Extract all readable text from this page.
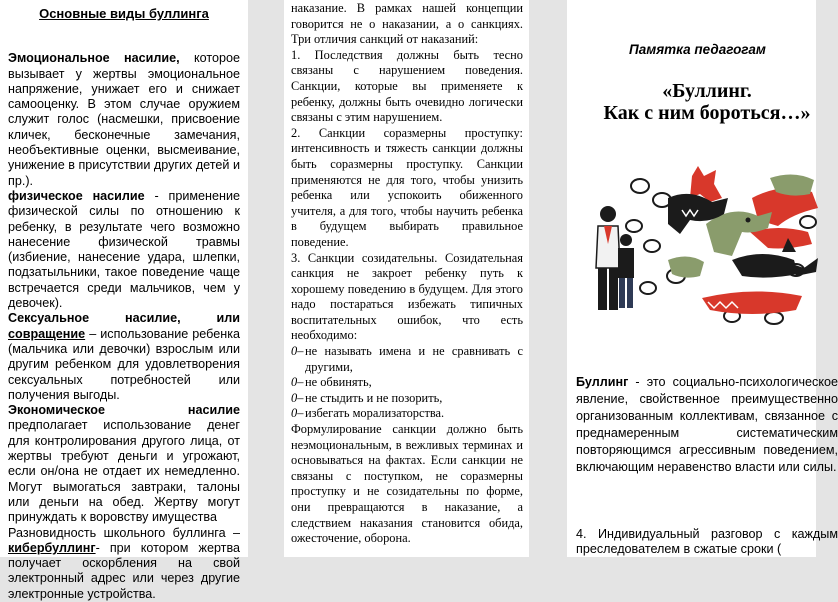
Основные виды буллинга

Эмоциональное насилие, которое вызывает у жертвы эмоциональное напряжение, унижает его и снижает самооценку. В этом случае оружием служит голос (насмешки, присвоение кличек, бесконечные замечания, необъективные оценки, высмеивание, унижение в присутствии других детей и пр.).

физическое насилие - применение физической силы по отношению к ребенку, в результате чего возможно нанесение физической травмы (избиение, нанесение удара, шлепки, подзатыльники, такое поведение чаще встречается среди мальчиков, чем у девочек).

Сексуальное насилие, или совращение – использование ребенка (мальчика или девочки) взрослым или другим ребенком для удовлетворения сексуальных потребностей или получения выгоды.

Экономическое насилие предполагает использование денег для контролирования другого лица, от жертвы требуют деньги и угрожают, если он/она не отдает их немедленно. Могут вымогаться завтраки, талоны или деньги на обед. Жертву могут принуждать к воровству имущества

Разновидность школьного буллинга – кибербуллинг- при котором жертва получает оскорбления на свой электронный адрес или через другие электронные устройства.

наказание. В рамках нашей концепции говорится не о наказании, а о санкциях. Три отличия санкций от наказаний:

1. Последствия должны быть тесно связаны с нарушением поведения. Санкции, которые вы применяете к ребенку, должны быть очевидно логически связаны с этим нарушением.

2. Санкции соразмерны проступку: интенсивность и тяжесть санкции должны быть соразмерны проступку. Санкции применяются не для того, чтобы унизить ребенка или успокоить обиженного учителя, а для того, чтобы научить ребенка в будущем выбирать правильное поведение.

3. Санкции созидательны. Созидательная санкция не закроет ребенку путь к хорошему поведению в будущем. Для этого надо постараться избежать типичных воспитательных ошибок, что есть необходимо:

0– не называть имена и не сравнивать с другими,
0– не обвинять,
0– не стыдить и не позорить,
0– избегать морализаторства.

Формулирование санкции должно быть неэмоциональным, в вежливых терминах и основываться на фактах. Если санкции не связаны с поступком, не соразмерны проступку и не созидательны по форме, они превращаются в наказание, а следствием наказания становится обида, ожесточение, оборона.

Памятка педагогам
«Буллинг.
Как с ним бороться…»

Буллинг - это социально-психологическое явление, свойственное преимущественно организованным коллективам, связанное с преднамеренным систематическим повторяющимся агрессивным поведением, включающим неравенство власти или силы.

4. Индивидуальный разговор с каждым преследователем в сжатые сроки (
